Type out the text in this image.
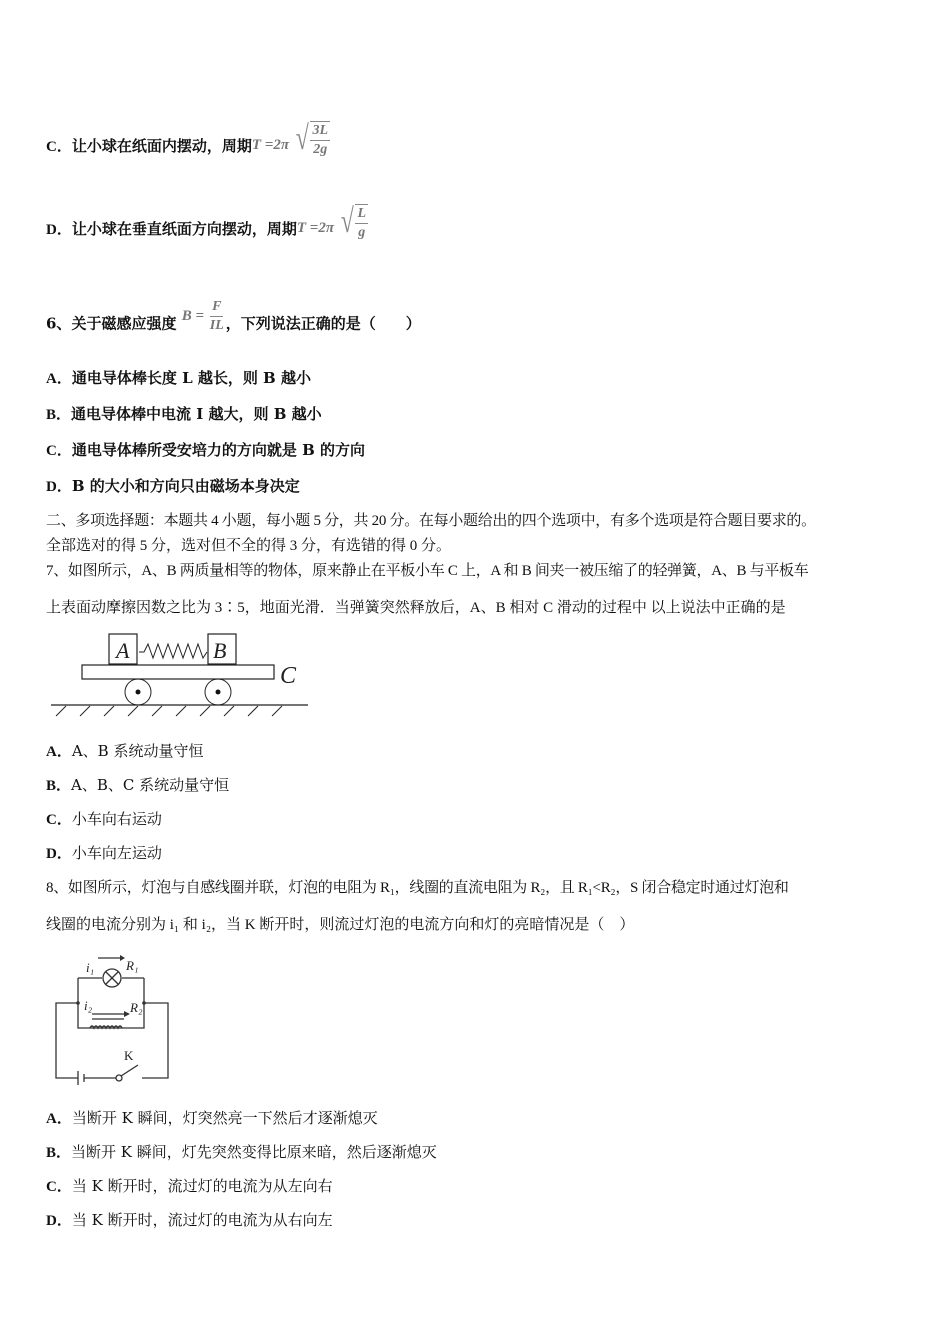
C．让小球在纸面内摆动，周期T =2π √ $\frac{3L}{2g}$
D．让小球在垂直纸面方向摆动，周期T =2π √ $\frac{L}{g}$
6、关于磁感应强度 $B = \frac{F}{IL}$ ，下列说法正确的是（　　）
A．通电导体棒长度 L 越长，则 B 越小
B．通电导体棒中电流 I 越大，则 B 越小
C．通电导体棒所受安培力的方向就是 B 的方向
D．B 的大小和方向只由磁场本身决定
二、多项选择题：本题共 4 小题，每小题 5 分，共 20 分。在每小题给出的四个选项中，有多个选项是符合题目要求的。
全部选对的得 5 分，选对但不全的得 3 分，有选错的得 0 分。
7、如图所示，A、B 两质量相等的物体，原来静止在平板小车 C 上，A 和 B 间夹一被压缩了的轻弹簧，A、B 与平板车
上表面动摩擦因数之比为 3∶5，地面光滑．当弹簧突然释放后，A、B 相对 C 滑动的过程中 以上说法中正确的是
A	B
C
A．A、B 系统动量守恒
B．A、B、C 系统动量守恒
C．小车向右运动
D．小车向左运动
8、如图所示，灯泡与自感线圈并联，灯泡的电阻为 R₁，线圈的直流电阻为 R₂，且 R₁<R₂，S 闭合稳定时通过灯泡和
线圈的电流分别为 i₁ 和 i₂，当 K 断开时，则流过灯泡的电流方向和灯的亮暗情况是（　）
i₁ R₁
i₂	R₂
K
A．当断开 K 瞬间，灯突然亮一下然后才逐渐熄灭
B．当断开 K 瞬间，灯先突然变得比原来暗，然后逐渐熄灭
C．当 K 断开时，流过灯的电流为从左向右
D．当 K 断开时，流过灯的电流为从右向左
